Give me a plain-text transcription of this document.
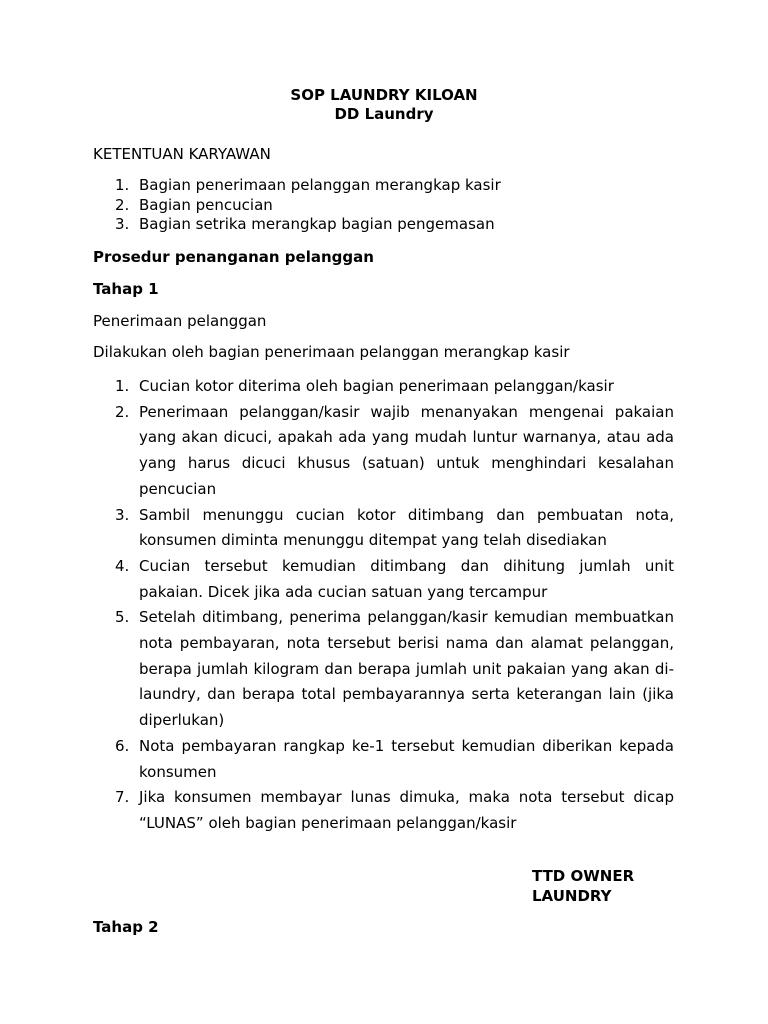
SOP LAUNDRY KILOAN
DD Laundry
KETENTUAN KARYAWAN
1. Bagian penerimaan pelanggan merangkap kasir
2. Bagian pencucian
3. Bagian setrika merangkap bagian pengemasan
Prosedur penanganan pelanggan
Tahap 1
Penerimaan pelanggan
Dilakukan oleh bagian penerimaan pelanggan merangkap kasir
1. Cucian kotor diterima oleh bagian penerimaan pelanggan/kasir
2. Penerimaan pelanggan/kasir wajib menanyakan mengenai pakaian yang akan dicuci, apakah ada yang mudah luntur warnanya, atau ada yang harus dicuci khusus (satuan) untuk menghindari kesalahan pencucian
3. Sambil menunggu cucian kotor ditimbang dan pembuatan nota, konsumen diminta menunggu ditempat yang telah disediakan
4. Cucian tersebut kemudian ditimbang dan dihitung jumlah unit pakaian. Dicek jika ada cucian satuan yang tercampur
5. Setelah ditimbang, penerima pelanggan/kasir kemudian membuatkan nota pembayaran, nota tersebut berisi nama dan alamat pelanggan, berapa jumlah kilogram dan berapa jumlah unit pakaian yang akan di-laundry, dan berapa total pembayarannya serta keterangan lain (jika diperlukan)
6. Nota pembayaran rangkap ke-1 tersebut kemudian diberikan kepada konsumen
7. Jika konsumen membayar lunas dimuka, maka nota tersebut dicap “LUNAS” oleh bagian penerimaan pelanggan/kasir
TTD OWNER
LAUNDRY
Tahap 2
